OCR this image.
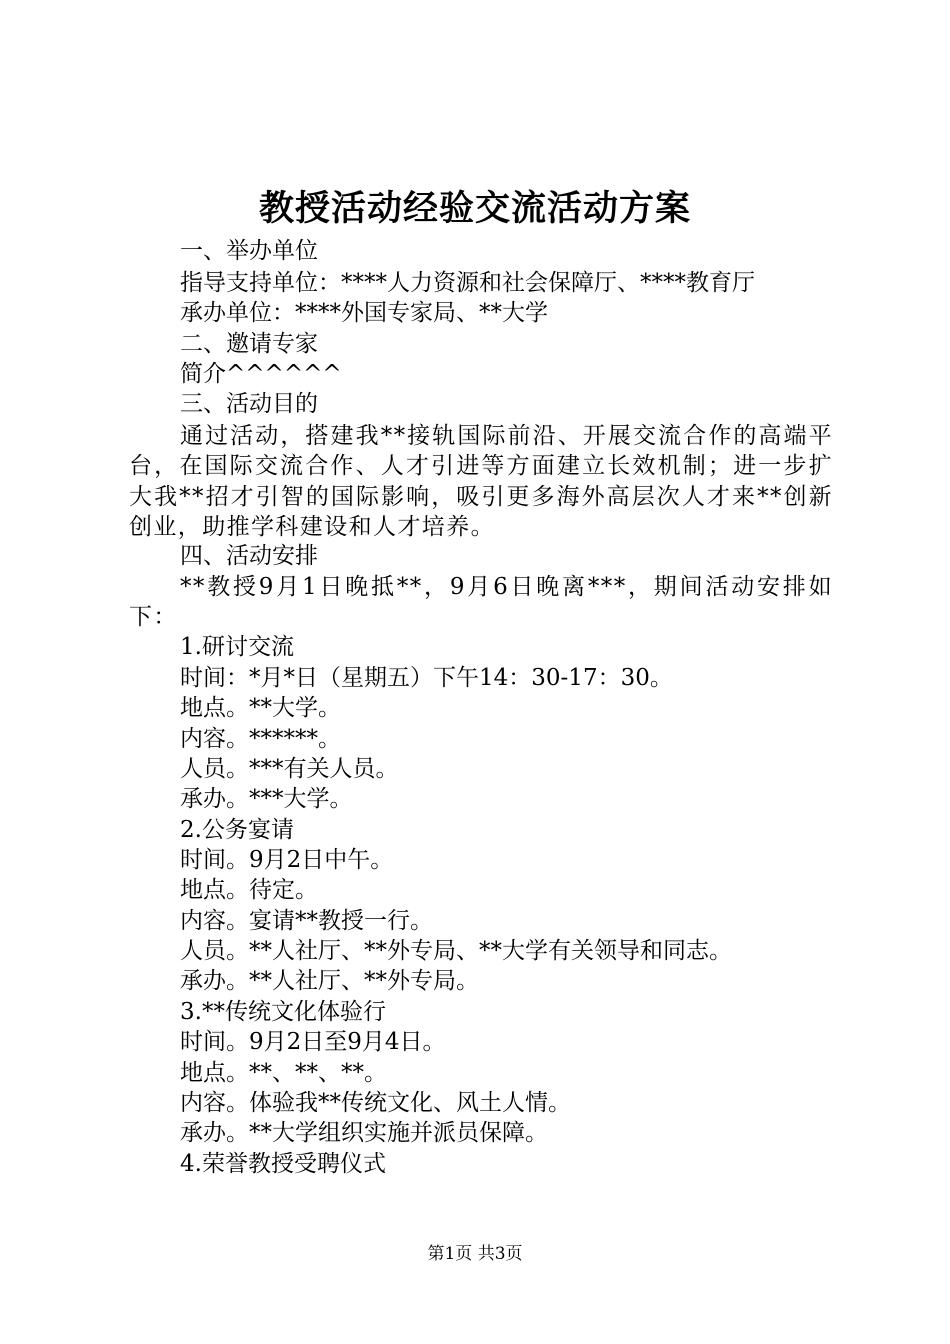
教授活动经验交流活动方案
一、举办单位
指导支持单位：****人力资源和社会保障厅、****教育厅
承办单位：****外国专家局、**大学
二、邀请专家
简介^^^^^^
三、活动目的
通过活动，搭建我**接轨国际前沿、开展交流合作的高端平台，在国际交流合作、人才引进等方面建立长效机制；进一步扩大我**招才引智的国际影响，吸引更多海外高层次人才来**创新创业，助推学科建设和人才培养。
四、活动安排
**教授9月1日晚抵**，9月6日晚离***，期间活动安排如下：
1.研讨交流
时间：*月*日（星期五）下午14：30-17：30。
地点。**大学。
内容。******。
人员。***有关人员。
承办。***大学。
2.公务宴请
时间。9月2日中午。
地点。待定。
内容。宴请**教授一行。
人员。**人社厅、**外专局、**大学有关领导和同志。
承办。**人社厅、**外专局。
3.**传统文化体验行
时间。9月2日至9月4日。
地点。**、**、**。
内容。体验我**传统文化、风土人情。
承办。**大学组织实施并派员保障。
4.荣誉教授受聘仪式
第1页 共3页
